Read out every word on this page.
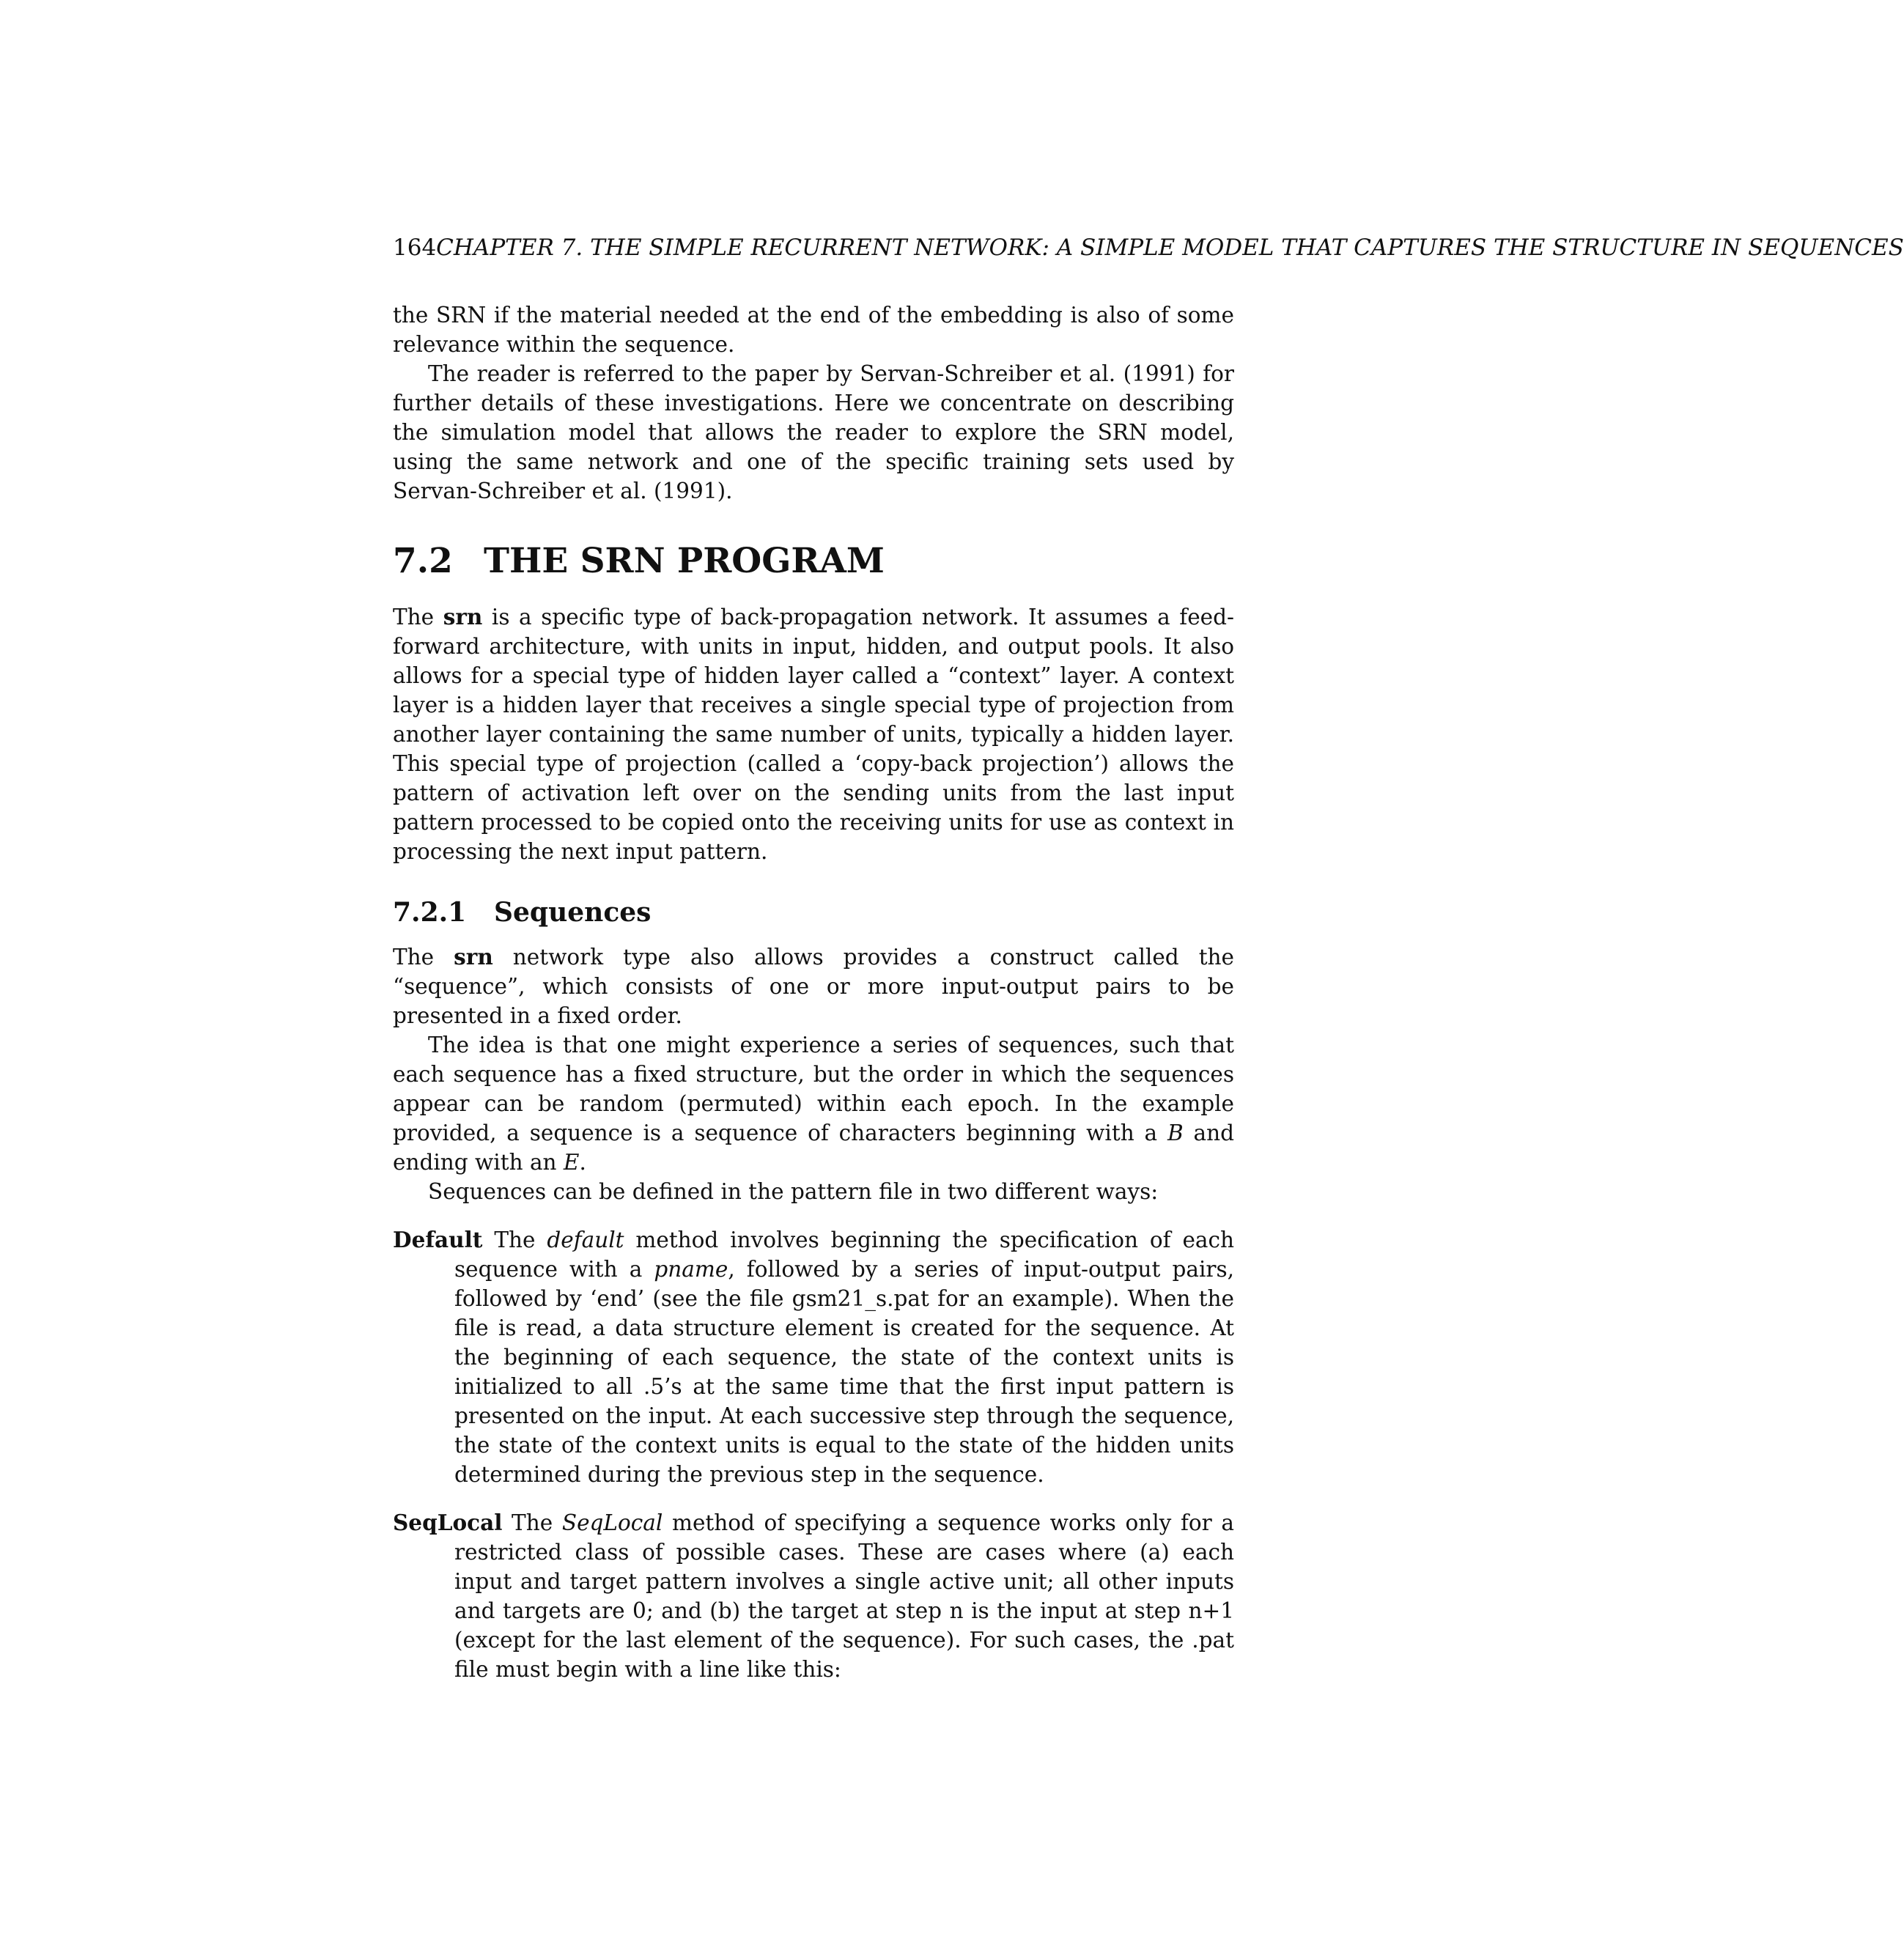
164CHAPTER 7. THE SIMPLE RECURRENT NETWORK: A SIMPLE MODEL THAT CAPTURES THE STRUCTURE IN SEQUENCES

the SRN if the material needed at the end of the embedding is also of some relevance within the sequence.

The reader is referred to the paper by Servan-Schreiber et al. (1991) for further details of these investigations. Here we concentrate on describing the simulation model that allows the reader to explore the SRN model, using the same network and one of the specific training sets used by Servan-Schreiber et al. (1991).

7.2 THE SRN PROGRAM

The srn is a specific type of back-propagation network. It assumes a feed-forward architecture, with units in input, hidden, and output pools. It also allows for a special type of hidden layer called a “context” layer. A context layer is a hidden layer that receives a single special type of projection from another layer containing the same number of units, typically a hidden layer. This special type of projection (called a ‘copy-back projection’) allows the pattern of activation left over on the sending units from the last input pattern processed to be copied onto the receiving units for use as context in processing the next input pattern.

7.2.1 Sequences

The srn network type also allows provides a construct called the “sequence”, which consists of one or more input-output pairs to be presented in a fixed order.

The idea is that one might experience a series of sequences, such that each sequence has a fixed structure, but the order in which the sequences appear can be random (permuted) within each epoch. In the example provided, a sequence is a sequence of characters beginning with a B and ending with an E.

Sequences can be defined in the pattern file in two different ways:

Default The default method involves beginning the specification of each sequence with a pname, followed by a series of input-output pairs, followed by ‘end’ (see the file gsm21_s.pat for an example). When the file is read, a data structure element is created for the sequence. At the beginning of each sequence, the state of the context units is initialized to all .5’s at the same time that the first input pattern is presented on the input. At each successive step through the sequence, the state of the context units is equal to the state of the hidden units determined during the previous step in the sequence.

SeqLocal The SeqLocal method of specifying a sequence works only for a restricted class of possible cases. These are cases where (a) each input and target pattern involves a single active unit; all other inputs and targets are 0; and (b) the target at step n is the input at step n+1 (except for the last element of the sequence). For such cases, the .pat file must begin with a line like this:
